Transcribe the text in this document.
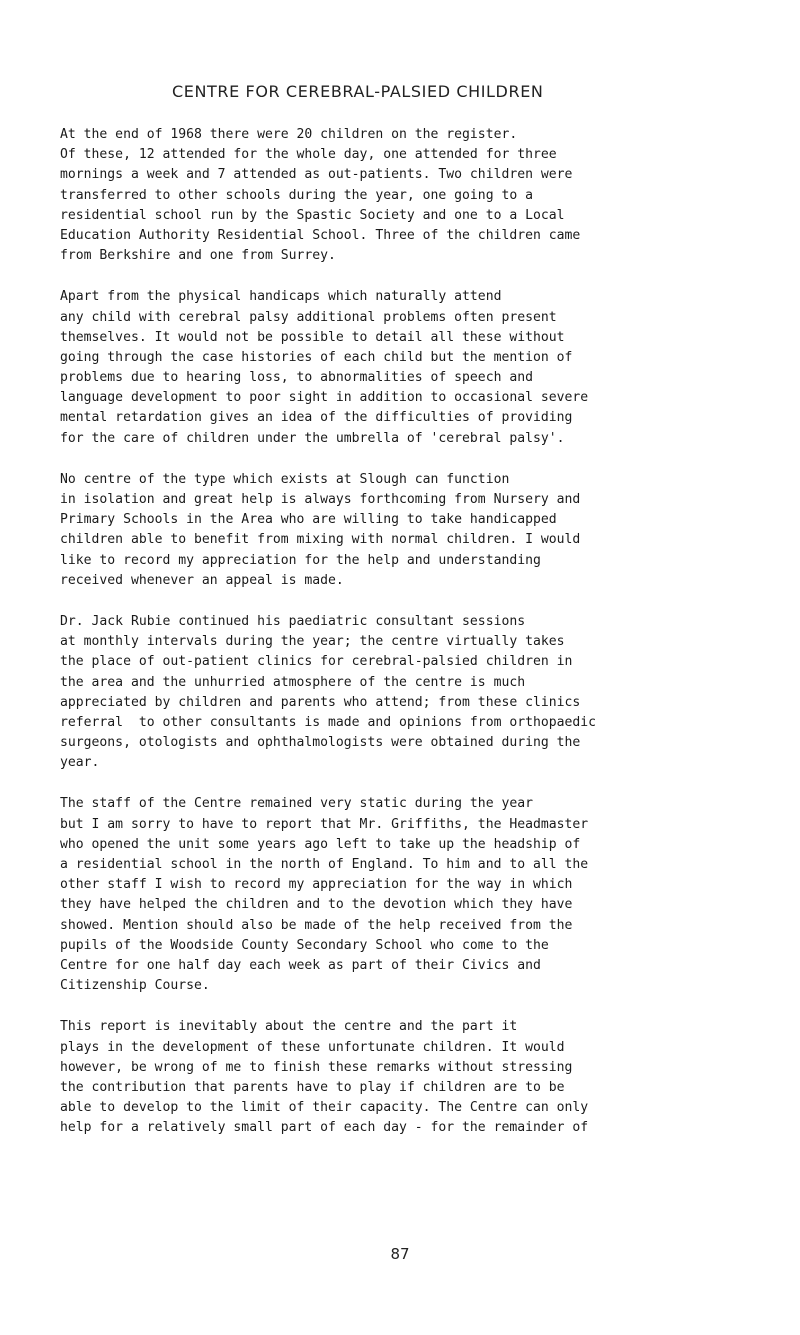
CENTRE FOR CEREBRAL-PALSIED CHILDREN
At the end of 1968 there were 20 children on the register.
Of these, 12 attended for the whole day, one attended for three
mornings a week and 7 attended as out-patients. Two children were
transferred to other schools during the year, one going to a
residential school run by the Spastic Society and one to a Local
Education Authority Residential School. Three of the children came
from Berkshire and one from Surrey.
Apart from the physical handicaps which naturally attend
any child with cerebral palsy additional problems often present
themselves. It would not be possible to detail all these without
going through the case histories of each child but the mention of
problems due to hearing loss, to abnormalities of speech and
language development to poor sight in addition to occasional severe
mental retardation gives an idea of the difficulties of providing
for the care of children under the umbrella of 'cerebral palsy'.
No centre of the type which exists at Slough can function
in isolation and great help is always forthcoming from Nursery and
Primary Schools in the Area who are willing to take handicapped
children able to benefit from mixing with normal children. I would
like to record my appreciation for the help and understanding
received whenever an appeal is made.
Dr. Jack Rubie continued his paediatric consultant sessions
at monthly intervals during the year; the centre virtually takes
the place of out-patient clinics for cerebral-palsied children in
the area and the unhurried atmosphere of the centre is much
appreciated by children and parents who attend; from these clinics
referral  to other consultants is made and opinions from orthopaedic
surgeons, otologists and ophthalmologists were obtained during the
year.
The staff of the Centre remained very static during the year
but I am sorry to have to report that Mr. Griffiths, the Headmaster
who opened the unit some years ago left to take up the headship of
a residential school in the north of England. To him and to all the
other staff I wish to record my appreciation for the way in which
they have helped the children and to the devotion which they have
showed. Mention should also be made of the help received from the
pupils of the Woodside County Secondary School who come to the
Centre for one half day each week as part of their Civics and
Citizenship Course.
This report is inevitably about the centre and the part it
plays in the development of these unfortunate children. It would
however, be wrong of me to finish these remarks without stressing
the contribution that parents have to play if children are to be
able to develop to the limit of their capacity. The Centre can only
help for a relatively small part of each day - for the remainder of
87
